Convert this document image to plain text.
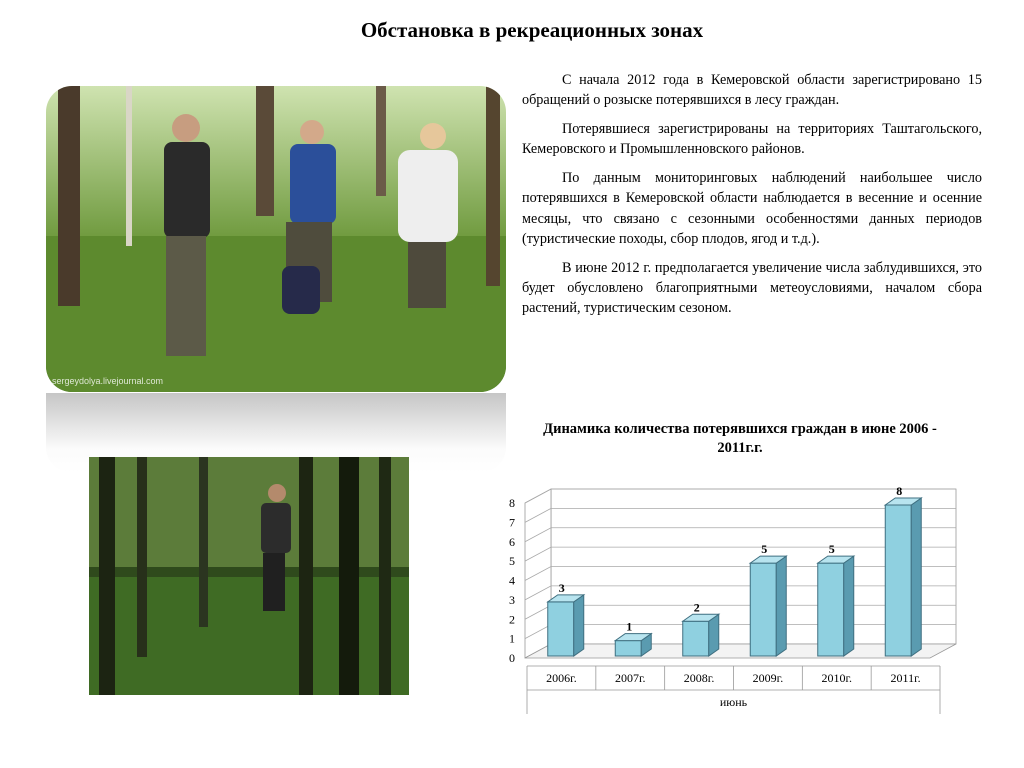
Обстановка в рекреационных зонах
sergeydolya.livejournal.com

С начала 2012 года в Кемеровской области зарегистрировано 15 обращений о розыске потерявшихся в лесу граждан.

Потерявшиеся зарегистрированы на территориях Таштагольского, Кемеровского и Промышленновского районов.

По данным мониторинговых наблюдений наибольшее число потерявшихся в Кемеровской области наблюдается в весенние и осенние месяцы, что связано с сезонными особенностями данных периодов (туристические походы, сбор плодов, ягод и т.д.).

В июне 2012 г. предполагается увеличение числа заблудившихся, это будет обусловлено благоприятными метеоусловиями, началом сбора растений, туристическим сезоном.

Динамика количества потерявшихся граждан в июне 2006 - 2011г.г.
0
1
2
3
4
5
6
7
8
3
1
2
5	5
8
2006г.	2007г.	2008г.	2009г.	2010г.	2011г.
июнь
